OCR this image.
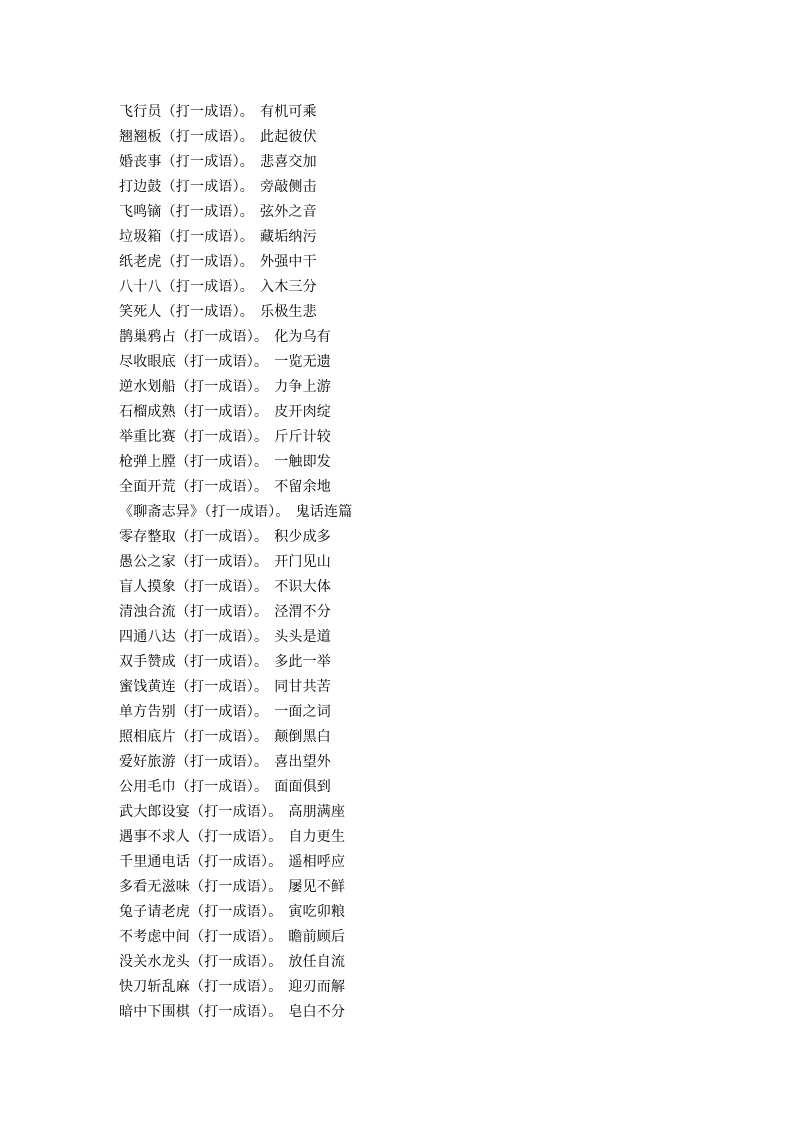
飞行员（打一成语）。 有机可乘
翘翘板（打一成语）。 此起彼伏
婚丧事（打一成语）。 悲喜交加
打边鼓（打一成语）。 旁敲侧击
飞鸣镝（打一成语）。 弦外之音
垃圾箱（打一成语）。 藏垢纳污
纸老虎（打一成语）。 外强中干
八十八（打一成语）。 入木三分
笑死人（打一成语）。 乐极生悲
鹊巢鸦占（打一成语）。 化为乌有
尽收眼底（打一成语）。 一览无遗
逆水划船（打一成语）。 力争上游
石榴成熟（打一成语）。 皮开肉绽
举重比赛（打一成语）。 斤斤计较
枪弹上膛（打一成语）。 一触即发
全面开荒（打一成语）。 不留余地
《聊斋志异》（打一成语）。 鬼话连篇
零存整取（打一成语）。 积少成多
愚公之家（打一成语）。 开门见山
盲人摸象（打一成语）。 不识大体
清浊合流（打一成语）。 泾渭不分
四通八达（打一成语）。 头头是道
双手赞成（打一成语）。 多此一举
蜜饯黄连（打一成语）。 同甘共苦
单方告别（打一成语）。 一面之词
照相底片（打一成语）。 颠倒黑白
爱好旅游（打一成语）。 喜出望外
公用毛巾（打一成语）。 面面俱到
武大郎设宴（打一成语）。 高朋满座
遇事不求人（打一成语）。 自力更生
千里通电话（打一成语）。 遥相呼应
多看无滋味（打一成语）。 屡见不鲜
兔子请老虎（打一成语）。 寅吃卯粮
不考虑中间（打一成语）。 瞻前顾后
没关水龙头（打一成语）。 放任自流
快刀斩乱麻（打一成语）。 迎刃而解
暗中下围棋（打一成语）。 皂白不分
